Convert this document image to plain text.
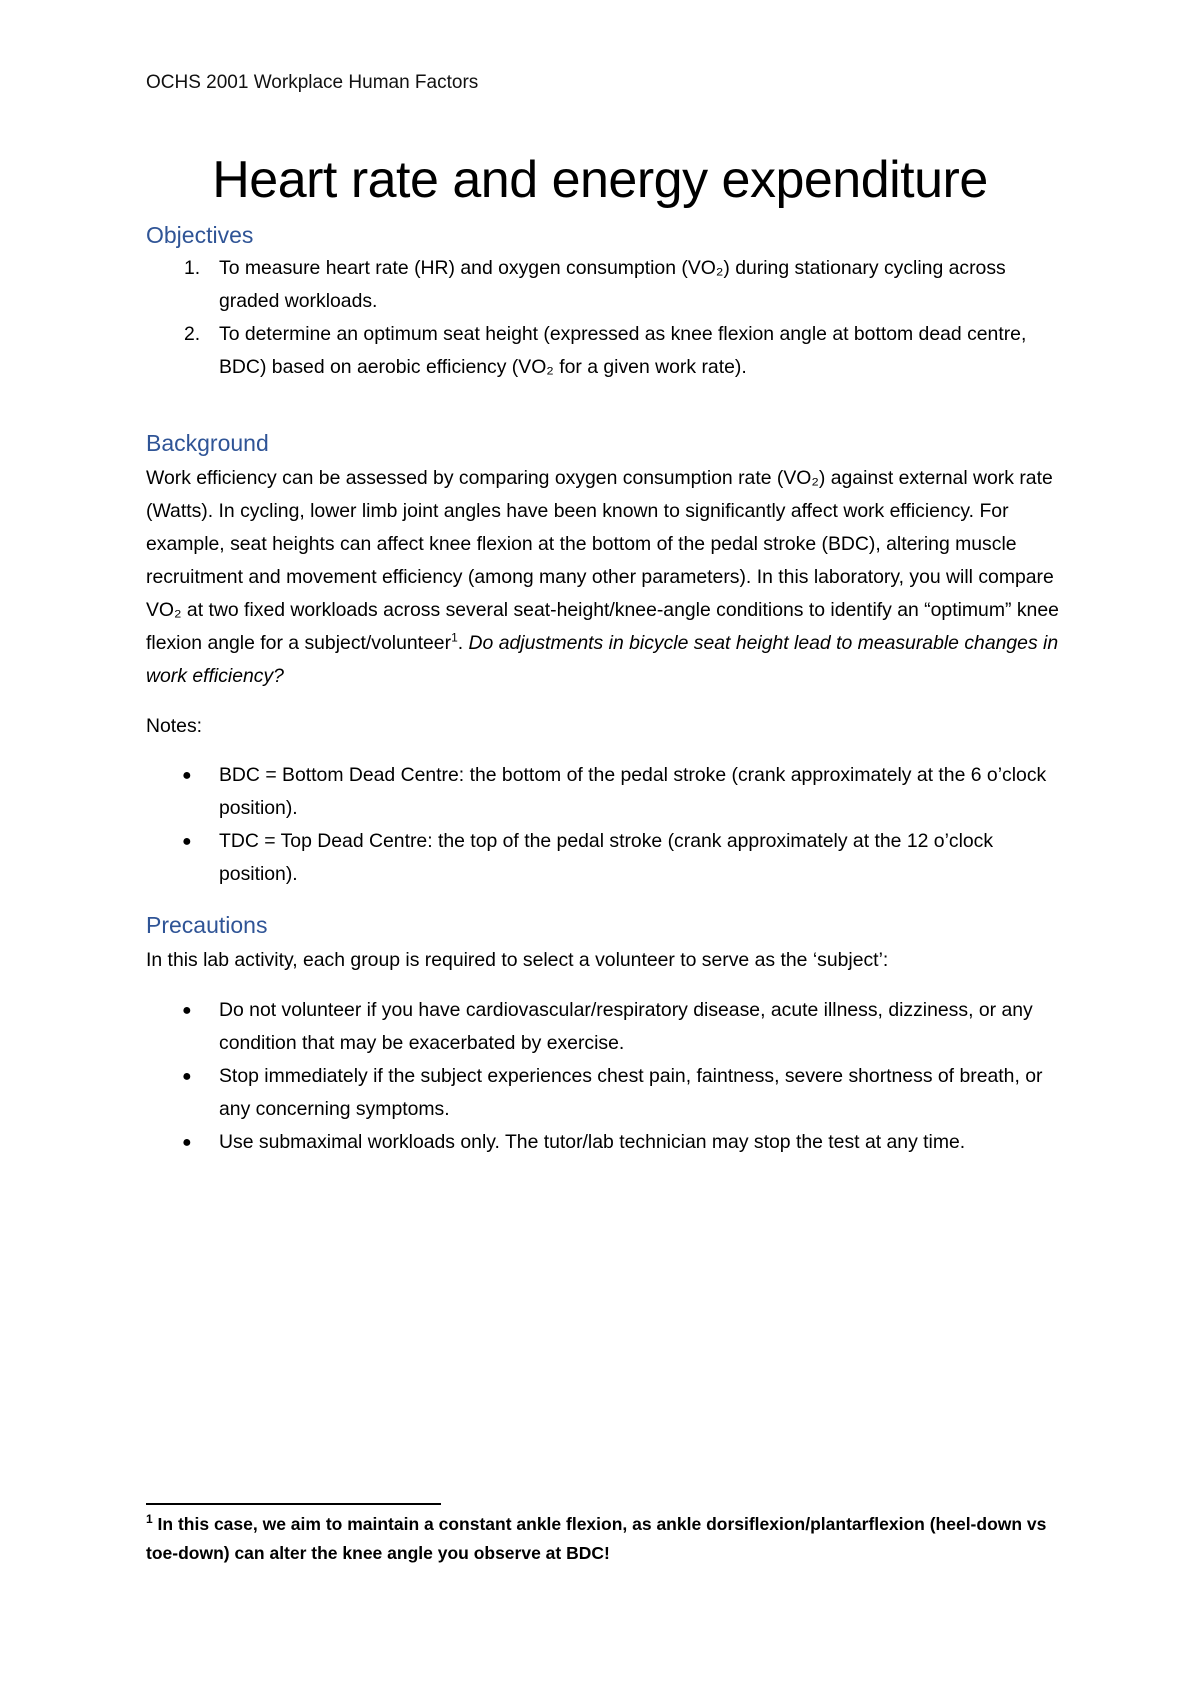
OCHS 2001 Workplace Human Factors
Heart rate and energy expenditure
Objectives
1. To measure heart rate (HR) and oxygen consumption (VO₂) during stationary cycling across graded workloads.
2. To determine an optimum seat height (expressed as knee flexion angle at bottom dead centre, BDC) based on aerobic efficiency (VO₂ for a given work rate).
Background

Work efficiency can be assessed by comparing oxygen consumption rate (VO₂) against external work rate (Watts). In cycling, lower limb joint angles have been known to significantly affect work efficiency. For example, seat heights can affect knee flexion at the bottom of the pedal stroke (BDC), altering muscle recruitment and movement efficiency (among many other parameters). In this laboratory, you will compare VO₂ at two fixed workloads across several seat-height/knee-angle conditions to identify an “optimum” knee flexion angle for a subject/volunteer$^1$. Do adjustments in bicycle seat height lead to measurable changes in work efficiency?

Notes:

● BDC = Bottom Dead Centre: the bottom of the pedal stroke (crank approximately at the 6 o’clock position).
● TDC = Top Dead Centre: the top of the pedal stroke (crank approximately at the 12 o’clock position).
Precautions

In this lab activity, each group is required to select a volunteer to serve as the ‘subject’:

● Do not volunteer if you have cardiovascular/respiratory disease, acute illness, dizziness, or any condition that may be exacerbated by exercise.
● Stop immediately if the subject experiences chest pain, faintness, severe shortness of breath, or any concerning symptoms.
● Use submaximal workloads only. The tutor/lab technician may stop the test at any time.

$^1$ In this case, we aim to maintain a constant ankle flexion, as ankle dorsiflexion/plantarflexion (heel-down vs toe-down) can alter the knee angle you observe at BDC!
